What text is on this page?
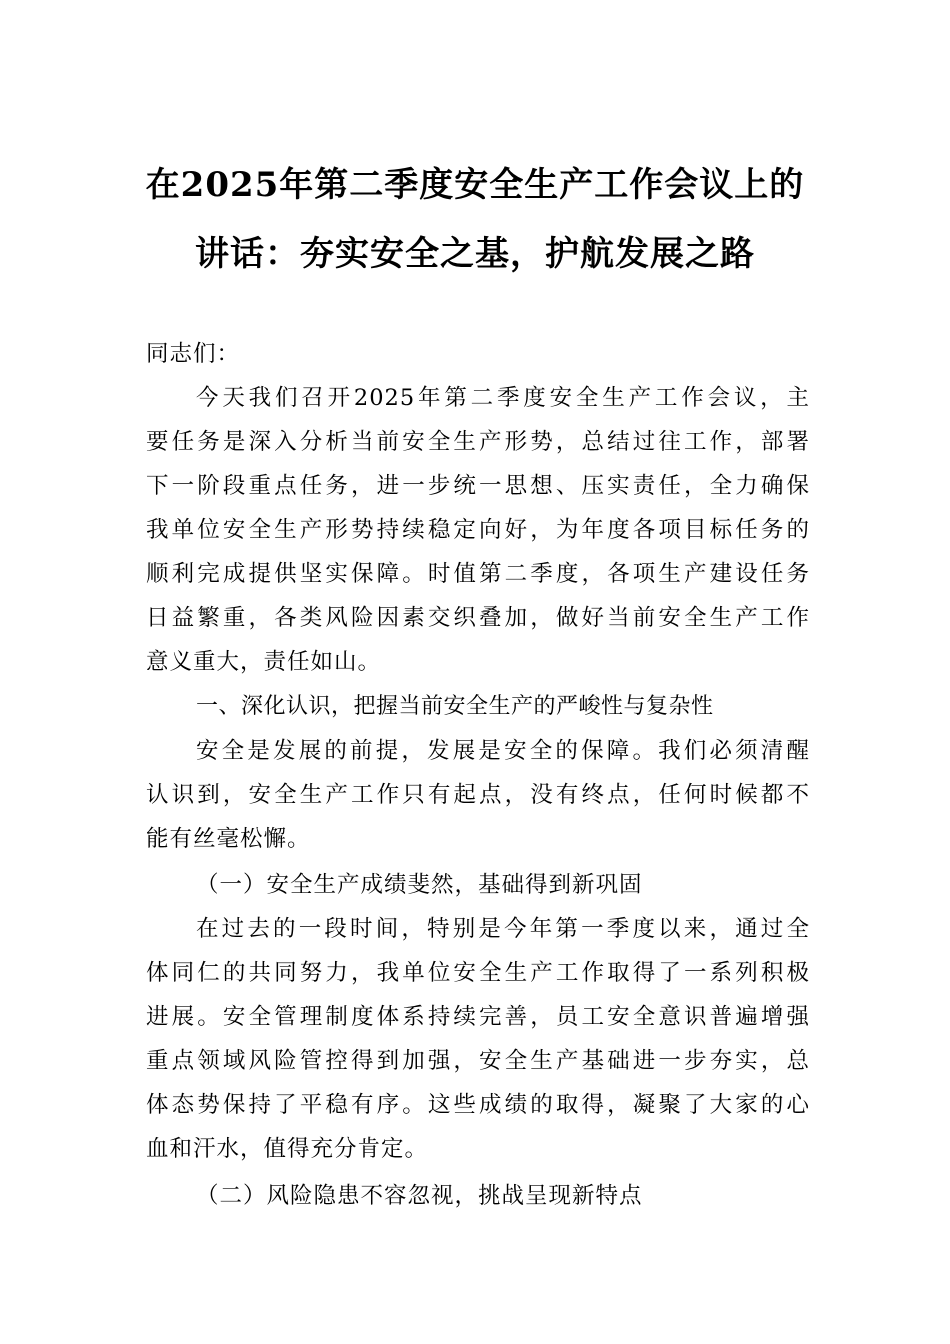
在2025年第二季度安全生产工作会议上的
讲话：夯实安全之基，护航发展之路
同志们：
今天我们召开2025年第二季度安全生产工作会议，主
要任务是深入分析当前安全生产形势，总结过往工作，部署
下一阶段重点任务，进一步统一思想、压实责任，全力确保
我单位安全生产形势持续稳定向好，为年度各项目标任务的
顺利完成提供坚实保障。时值第二季度，各项生产建设任务
日益繁重，各类风险因素交织叠加，做好当前安全生产工作
意义重大，责任如山。
一、深化认识，把握当前安全生产的严峻性与复杂性
安全是发展的前提，发展是安全的保障。我们必须清醒
认识到，安全生产工作只有起点，没有终点，任何时候都不
能有丝毫松懈。
（一）安全生产成绩斐然，基础得到新巩固
在过去的一段时间，特别是今年第一季度以来，通过全
体同仁的共同努力，我单位安全生产工作取得了一系列积极
进展。安全管理制度体系持续完善，员工安全意识普遍增强
重点领域风险管控得到加强，安全生产基础进一步夯实，总
体态势保持了平稳有序。这些成绩的取得，凝聚了大家的心
血和汗水，值得充分肯定。
（二）风险隐患不容忽视，挑战呈现新特点
